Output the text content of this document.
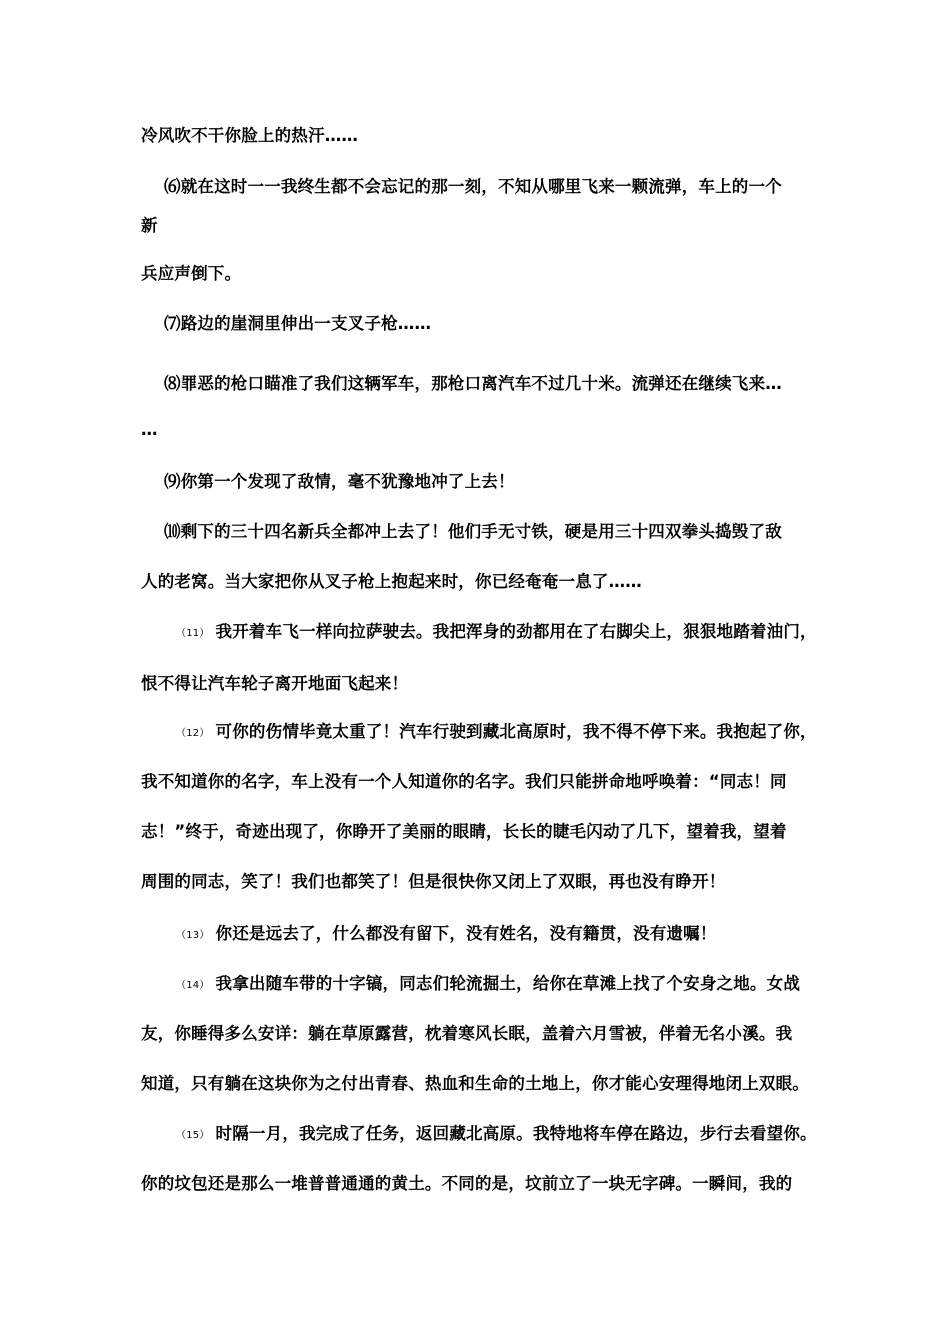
冷风吹不干你脸上的热汗……
⑹就在这时一一我终生都不会忘记的那一刻，不知从哪里飞来一颗流弹，车上的一个
新
兵应声倒下。
⑺路边的崖洞里伸出一支叉子枪……
⑻罪恶的枪口瞄准了我们这辆军车，那枪口离汽车不过几十米。流弹还在继续飞来…
…
⑼你第一个发现了敌情，毫不犹豫地冲了上去！
⑽剩下的三十四名新兵全都冲上去了！他们手无寸铁，硬是用三十四双拳头捣毁了敌
人的老窝。当大家把你从叉子枪上抱起来时，你已经奄奄一息了……
（11） 我开着车飞一样向拉萨驶去。我把浑身的劲都用在了右脚尖上，狠狠地踏着油门，
恨不得让汽车轮子离开地面飞起来！
（12） 可你的伤情毕竟太重了！汽车行驶到藏北高原时，我不得不停下来。我抱起了你，
我不知道你的名字，车上没有一个人知道你的名字。我们只能拼命地呼唤着：“同志！同
志！”终于，奇迹出现了，你睁开了美丽的眼睛，长长的睫毛闪动了几下，望着我，望着
周围的同志，笑了！我们也都笑了！但是很快你又闭上了双眼，再也没有睁开！
（13） 你还是远去了，什么都没有留下，没有姓名，没有籍贯，没有遗嘱！
（14） 我拿出随车带的十字镐，同志们轮流掘土，给你在草滩上找了个安身之地。女战
友，你睡得多么安详：躺在草原露营，枕着寒风长眠，盖着六月雪被，伴着无名小溪。我
知道，只有躺在这块你为之付出青春、热血和生命的土地上，你才能心安理得地闭上双眼。
（15） 时隔一月，我完成了任务，返回藏北高原。我特地将车停在路边，步行去看望你。
你的坟包还是那么一堆普普通通的黄土。不同的是，坟前立了一块无字碑。一瞬间，我的
